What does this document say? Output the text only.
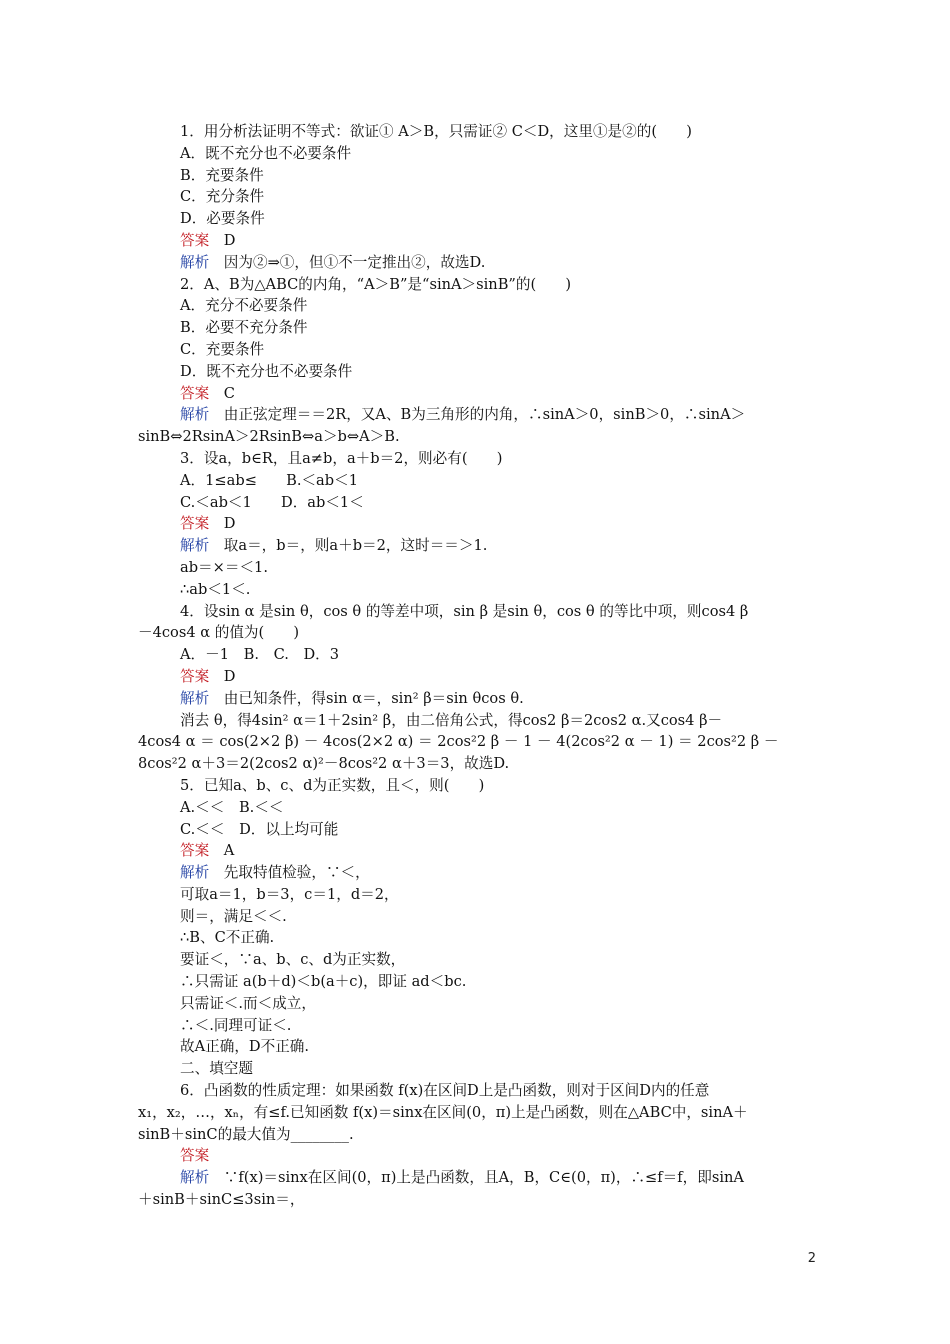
1．用分析法证明不等式：欲证① A＞B，只需证② C＜D，这里①是②的(　　)
A．既不充分也不必要条件
B．充要条件
C．充分条件
D．必要条件
答案　D
解析　因为②⇒①，但①不一定推出②，故选D.
2．A、B为△ABC的内角，“A＞B”是“sinA＞sinB”的(　　)
A．充分不必要条件
B．必要不充分条件
C．充要条件
D．既不充分也不必要条件
答案　C
解析　由正弦定理＝＝2R，又A、B为三角形的内角，∴sinA＞0，sinB＞0，∴sinA＞
sinB⇔2RsinA＞2RsinB⇔a＞b⇔A＞B.
3．设a，b∈R，且a≠b，a＋b＝2，则必有(　　)
A．1≤ab≤　　B.＜ab＜1
C.＜ab＜1　　D．ab＜1＜
答案　D
解析　取a＝，b＝，则a＋b＝2，这时＝＝＞1.
ab＝×＝＜1.
∴ab＜1＜.
4．设sin α 是sin θ，cos θ 的等差中项，sin β 是sin θ，cos θ 的等比中项，则cos4 β
－4cos4 α 的值为(　　)
A．－1　B.　C.　D．3
答案　D
解析　由已知条件，得sin α＝，sin² β＝sin θcos θ.
消去 θ，得4sin² α＝1＋2sin² β，由二倍角公式，得cos2 β＝2cos2 α.又cos4 β－
4cos4 α ＝ cos(2×2 β) － 4cos(2×2 α) ＝ 2cos²2 β － 1 － 4(2cos²2 α － 1) ＝ 2cos²2 β －
8cos²2 α＋3＝2(2cos2 α)²－8cos²2 α＋3＝3，故选D.
5．已知a、b、c、d为正实数，且＜，则(　　)
A.＜＜　B.＜＜
C.＜＜　D．以上均可能
答案　A
解析　先取特值检验，∵＜，
可取a＝1，b＝3，c＝1，d＝2，
则＝，满足＜＜.
∴B、C不正确.
要证＜，∵a、b、c、d为正实数，
∴只需证 a(b＋d)＜b(a＋c)，即证 ad＜bc.
只需证＜.而＜成立，
∴＜.同理可证＜.
故A正确，D不正确.
二、填空题
6．凸函数的性质定理：如果函数 f(x)在区间D上是凸函数，则对于区间D内的任意
x₁，x₂，…，xₙ，有≤f.已知函数 f(x)＝sinx在区间(0，π)上是凸函数，则在△ABC中，sinA＋
sinB＋sinC的最大值为________.
答案
解析　∵f(x)＝sinx在区间(0，π)上是凸函数，且A，B，C∈(0，π)，∴≤f＝f，即sinA
＋sinB＋sinC≤3sin＝，
2
